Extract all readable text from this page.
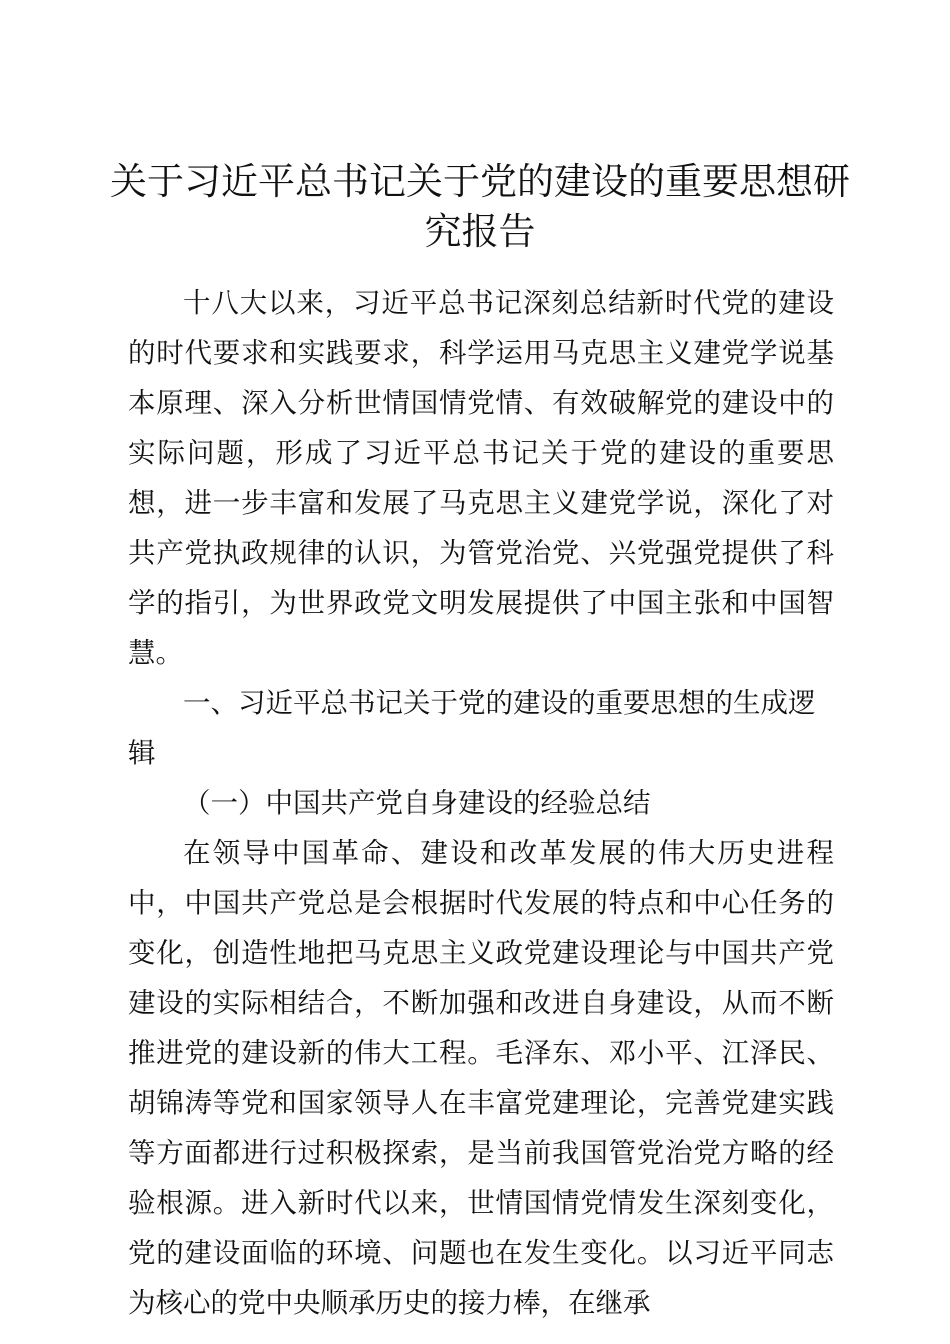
关于习近平总书记关于党的建设的重要思想研究报告

十八大以来，习近平总书记深刻总结新时代党的建设的时代要求和实践要求，科学运用马克思主义建党学说基本原理、深入分析世情国情党情、有效破解党的建设中的实际问题，形成了习近平总书记关于党的建设的重要思想，进一步丰富和发展了马克思主义建党学说，深化了对共产党执政规律的认识，为管党治党、兴党强党提供了科学的指引，为世界政党文明发展提供了中国主张和中国智慧。

一、习近平总书记关于党的建设的重要思想的生成逻辑

（一）中国共产党自身建设的经验总结

在领导中国革命、建设和改革发展的伟大历史进程中，中国共产党总是会根据时代发展的特点和中心任务的变化，创造性地把马克思主义政党建设理论与中国共产党建设的实际相结合，不断加强和改进自身建设，从而不断推进党的建设新的伟大工程。毛泽东、邓小平、江泽民、胡锦涛等党和国家领导人在丰富党建理论，完善党建实践等方面都进行过积极探索，是当前我国管党治党方略的经验根源。进入新时代以来，世情国情党情发生深刻变化，党的建设面临的环境、问题也在发生变化。以习近平同志为核心的党中央顺承历史的接力棒，在继承
